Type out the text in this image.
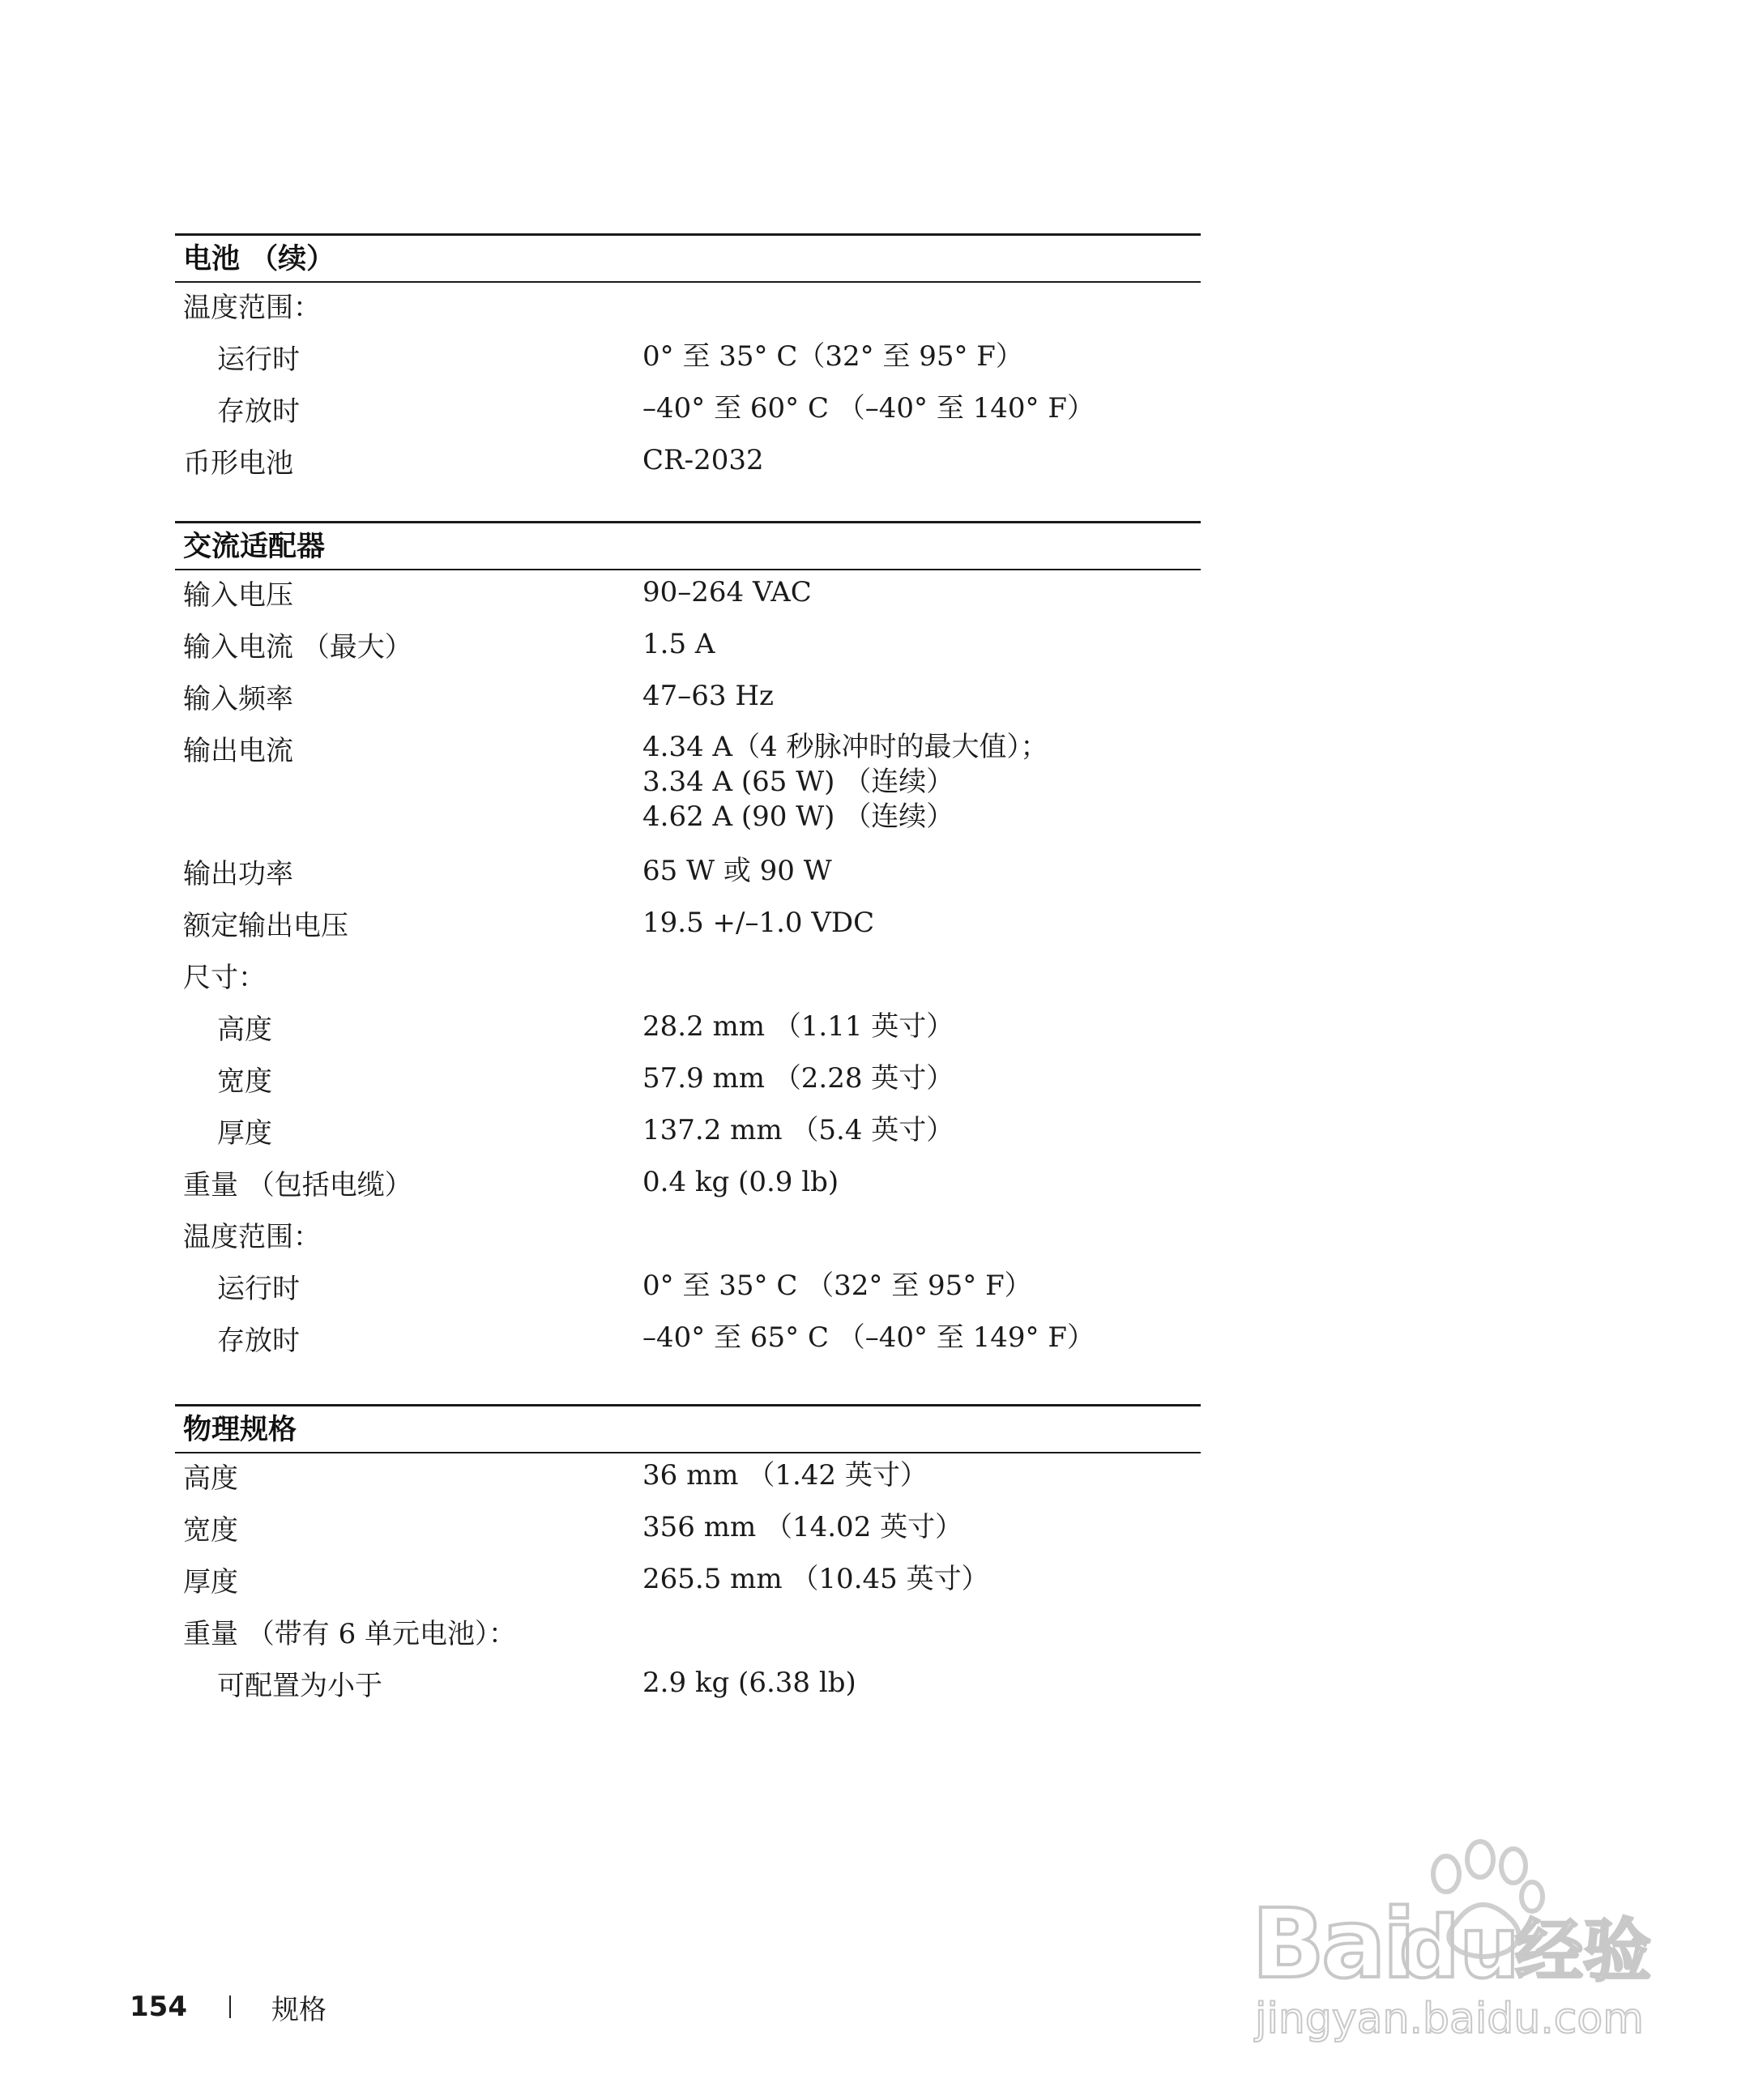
电池 （续）
温度范围：
运行时	0° 至 35° C（32° 至 95° F）
存放时	–40° 至 60° C （–40° 至 140° F）
币形电池	CR-2032
交流适配器
输入电压	90–264 VAC
输入电流 （最大）	1.5 A
输入频率	47–63 Hz
输出电流	4.34 A（4 秒脉冲时的最大值）；
3.34 A (65 W) （连续）
4.62 A (90 W) （连续）
输出功率	65 W 或 90 W
额定输出电压	19.5 +/–1.0 VDC
尺寸：
高度	28.2 mm （1.11 英寸）
宽度	57.9 mm （2.28 英寸）
厚度	137.2 mm （5.4 英寸）
重量 （包括电缆）	0.4 kg (0.9 lb)
温度范围：
运行时	0° 至 35° C （32° 至 95° F）
存放时	–40° 至 65° C （–40° 至 149° F）
物理规格
高度	36 mm （1.42 英寸）
宽度	356 mm （14.02 英寸）
厚度	265.5 mm （10.45 英寸）
重量 （带有 6 单元电池）：
可配置为小于	2.9 kg (6.38 lb)
154	规格
Bai
du
经验
jingyan.baidu.com
